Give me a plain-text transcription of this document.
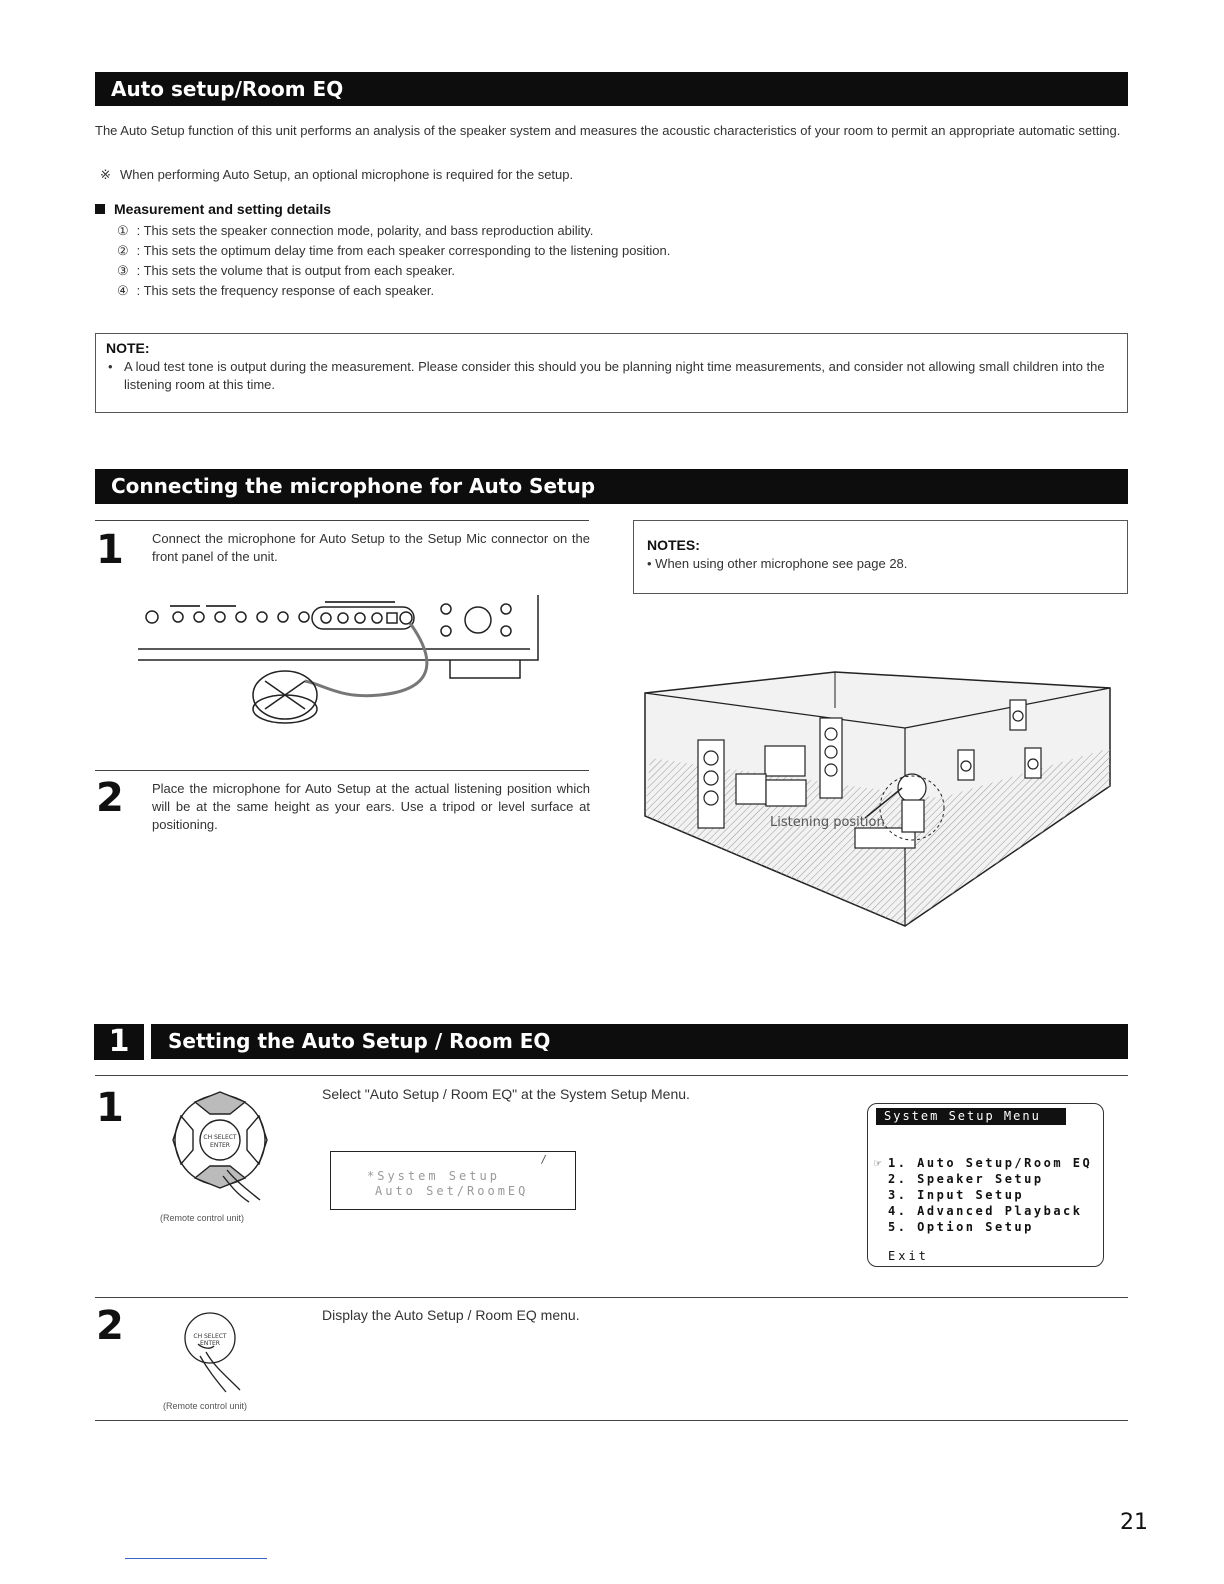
Auto setup/Room EQ
The Auto Setup function of this unit performs an analysis of the speaker system and measures the acoustic characteristics of your room to permit an appropriate automatic setting.
※ When performing Auto Setup, an optional microphone is required for the setup.
Measurement and setting details
① : This sets the speaker connection mode, polarity, and bass reproduction ability.
② : This sets the optimum delay time from each speaker corresponding to the listening position.
③ : This sets the volume that is output from each speaker.
④ : This sets the frequency response of each speaker.
NOTE:
• A loud test tone is output during the measurement. Please consider this should you be planning night time measurements, and consider not allowing small children into the listening room at this time.
Connecting the microphone for Auto Setup
1 Connect the microphone for Auto Setup to the Setup Mic connector on the front panel of the unit.
NOTES:
• When using other microphone see page 28.
2 Place the microphone for Auto Setup at the actual listening position which will be at the same height as your ears. Use a tripod or level surface at positioning.	Listening position
1	Setting the Auto Setup / Room EQ
1
CH SELECT
ENTER
(Remote control unit)
Select "Auto Setup / Room EQ" at the System Setup Menu.
/
*System Setup
Auto Set/RoomEQ
System Setup Menu
☞ 1. Auto Setup/Room EQ
2. Speaker Setup
3. Input Setup
4. Advanced Playback
5. Option Setup
Exit
2	CH SELECT
ENTER
(Remote control unit)
Display the Auto Setup / Room EQ menu.
21
